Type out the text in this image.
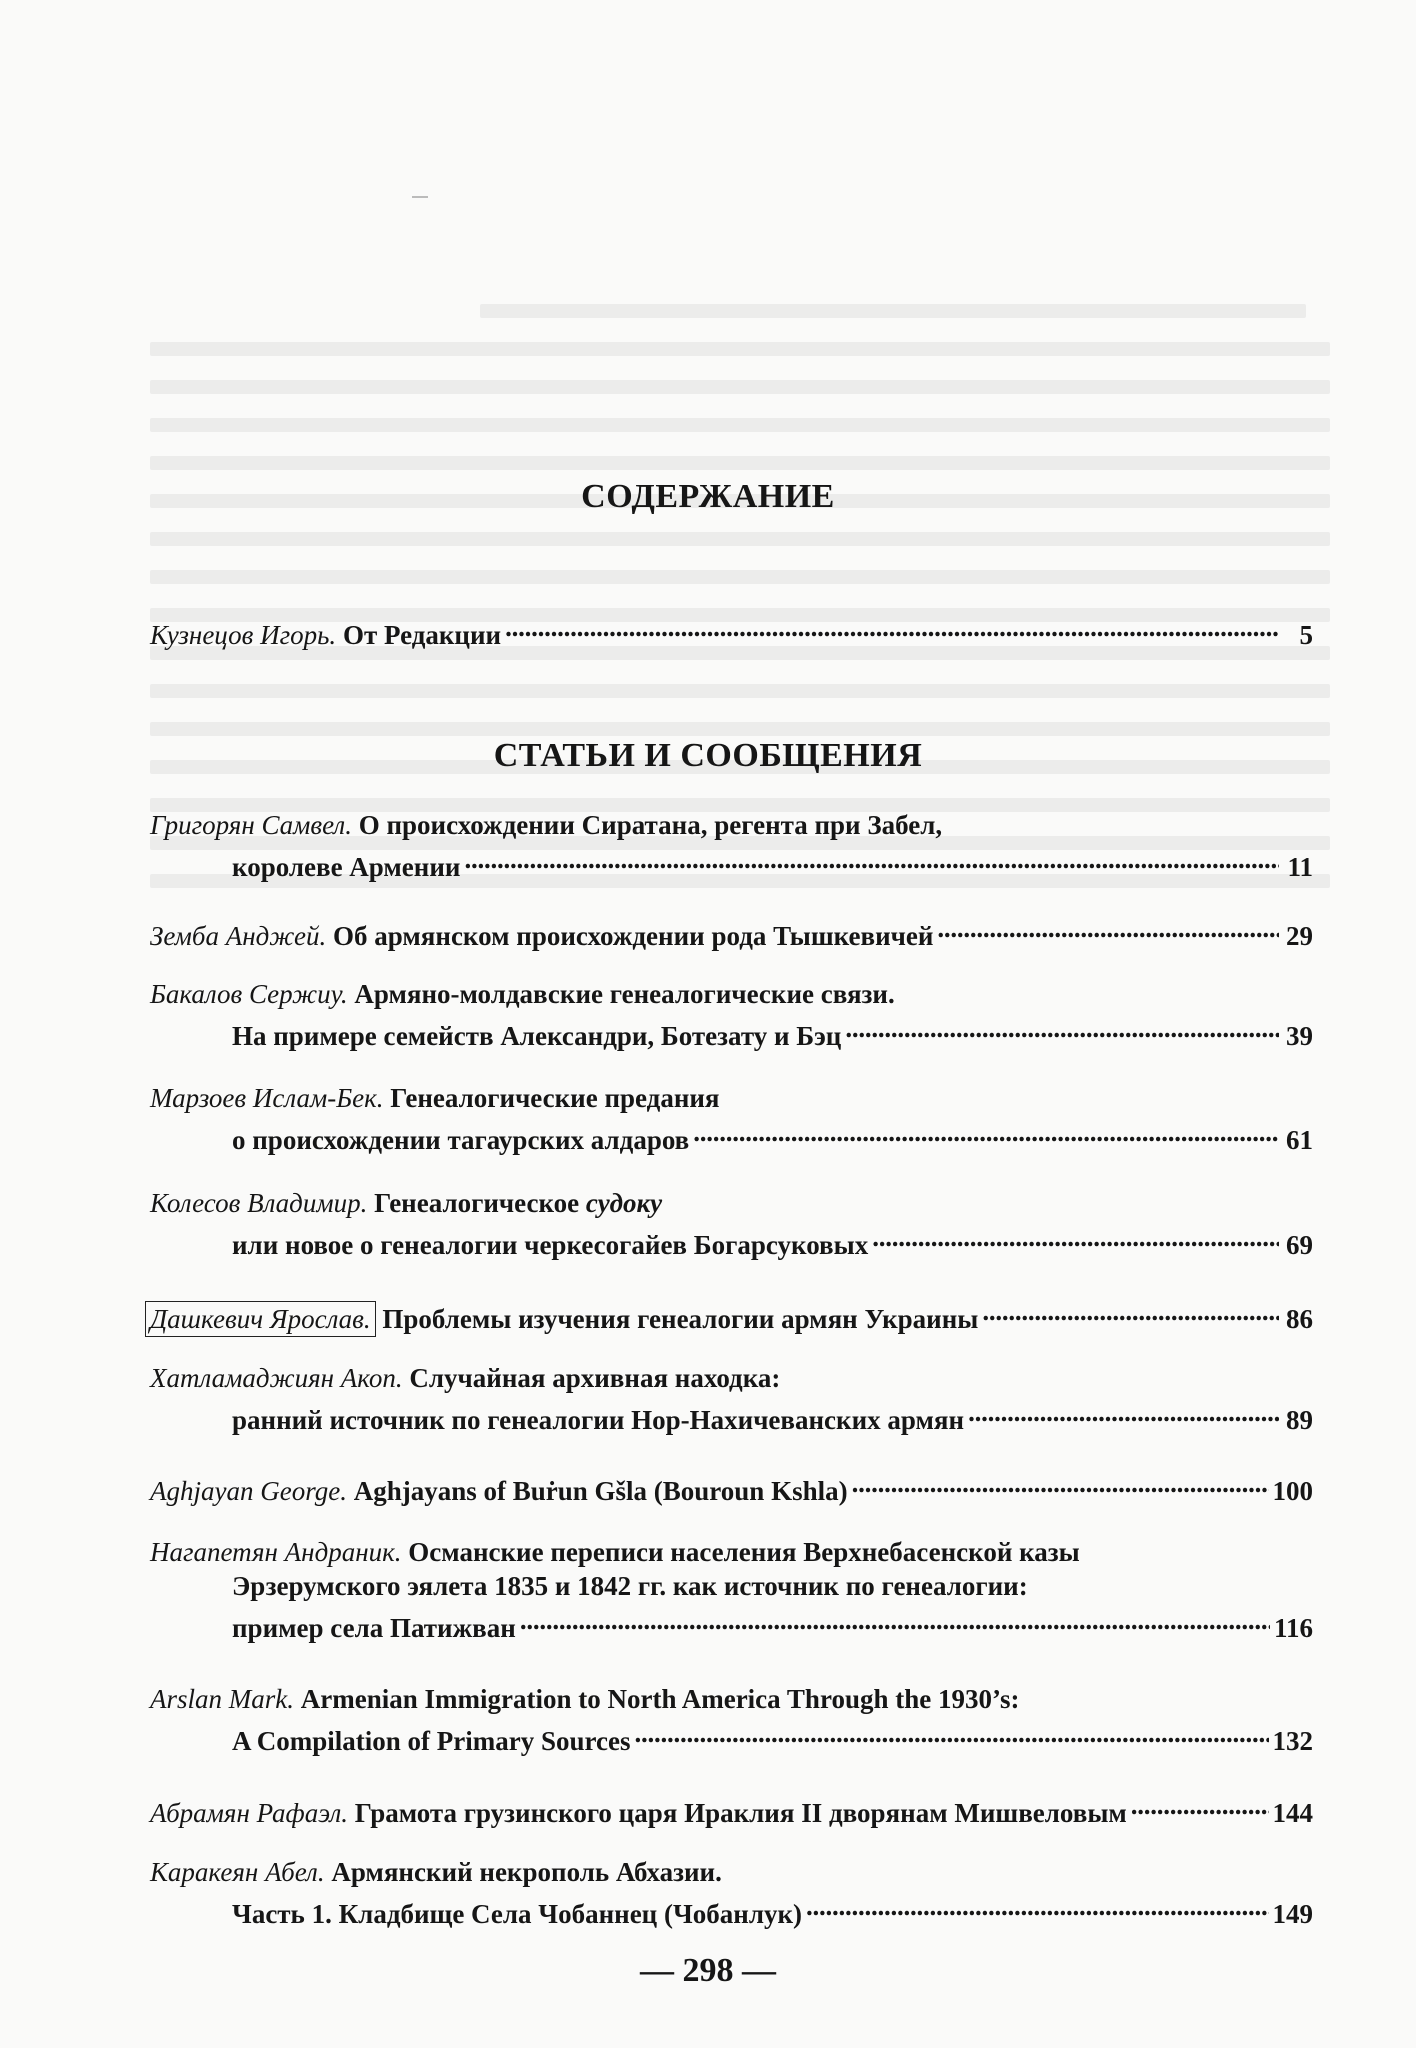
СОДЕРЖАНИЕ
Кузнецов Игорь.
От Редакции . . .	5
СТАТЬИ И СООБЩЕНИЯ
Григорян Самвел.
О происхождении Сиратана, регента при Забел,
королеве Армении . . .	11
Земба Анджей.
Об армянском происхождении рода Тышкевичей . . .	29
Бакалов Сержиу.
Армяно-молдавские генеалогические связи.
На примере семейств Александри, Ботезату и Бэц . . .	39
Марзоев Ислам-Бек.
Генеалогические предания
о происхождении тагаурских алдаров . . .	61
Колесов Владимир.
Генеалогическое
судоку
или новое о генеалогии черкесогайев Богарсуковых . . .	69
Дашкевич Ярослав.
Проблемы изучения генеалогии армян Украины . . .	86
Хатламаджиян Акоп.
Случайная архивная находка:
ранний источник по генеалогии Нор-Нахичеванских армян . . .	89
Aghjayan George.
Aghjayans of Buṙun Gšla (Bouroun Kshla) . . .	100
Нагапетян Андраник.
Османские переписи населения Верхнебасенской казы
Эрзерумского эялета 1835 и 1842 гг. как источник по генеалогии:
пример села Патижван . . .	116
Arslan Mark.
Armenian Immigration to North America Through the 1930’s:
A Compilation of Primary Sources . . .	132
Абрамян Рафаэл.
Грамота грузинского царя Ираклия II дворянам Мишвеловым . . .	144
Каракеян Абел.
Армянский некрополь Абхазии.
Часть 1. Кладбище Села Чобаннец (Чобанлук) . . .	149
— 298 —
